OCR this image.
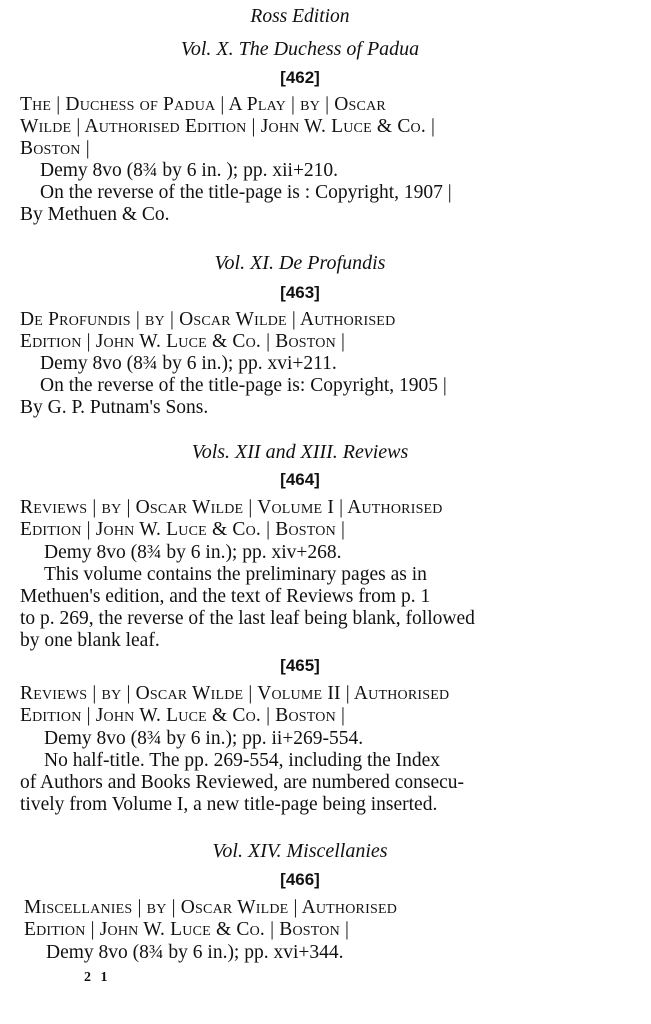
Ross Edition
Vol. X. The Duchess of Padua
[462]
The | Duchess of Padua | A Play | by | Oscar
Wilde | Authorised Edition | John W. Luce & Co. |
Boston |
Demy 8vo (8¾ by 6 in. ); pp. xii+210.
On the reverse of the title-page is : Copyright, 1907 |
By Methuen & Co.
Vol. XI. De Profundis
[463]
De Profundis | by | Oscar Wilde | Authorised
Edition | John W. Luce & Co. | Boston |
Demy 8vo (8¾ by 6 in.); pp. xvi+211.
On the reverse of the title-page is: Copyright, 1905 |
By G. P. Putnam's Sons.
Vols. XII and XIII. Reviews
[464]
Reviews | by | Oscar Wilde | Volume I | Authorised
Edition | John W. Luce & Co. | Boston |
Demy 8vo (8¾ by 6 in.); pp. xiv+268.
This volume contains the preliminary pages as in
Methuen's edition, and the text of Reviews from p. 1
to p. 269, the reverse of the last leaf being blank, followed
by one blank leaf.
[465]
Reviews | by | Oscar Wilde | Volume II | Authorised
Edition | John W. Luce & Co. | Boston |
Demy 8vo (8¾ by 6 in.); pp. ii+269-554.
No half-title. The pp. 269-554, including the Index
of Authors and Books Reviewed, are numbered consecu-
tively from Volume I, a new title-page being inserted.
Vol. XIV. Miscellanies
[466]
Miscellanies | by | Oscar Wilde | Authorised
Edition | John W. Luce & Co. | Boston |
Demy 8vo (8¾ by 6 in.); pp. xvi+344.
2 1
